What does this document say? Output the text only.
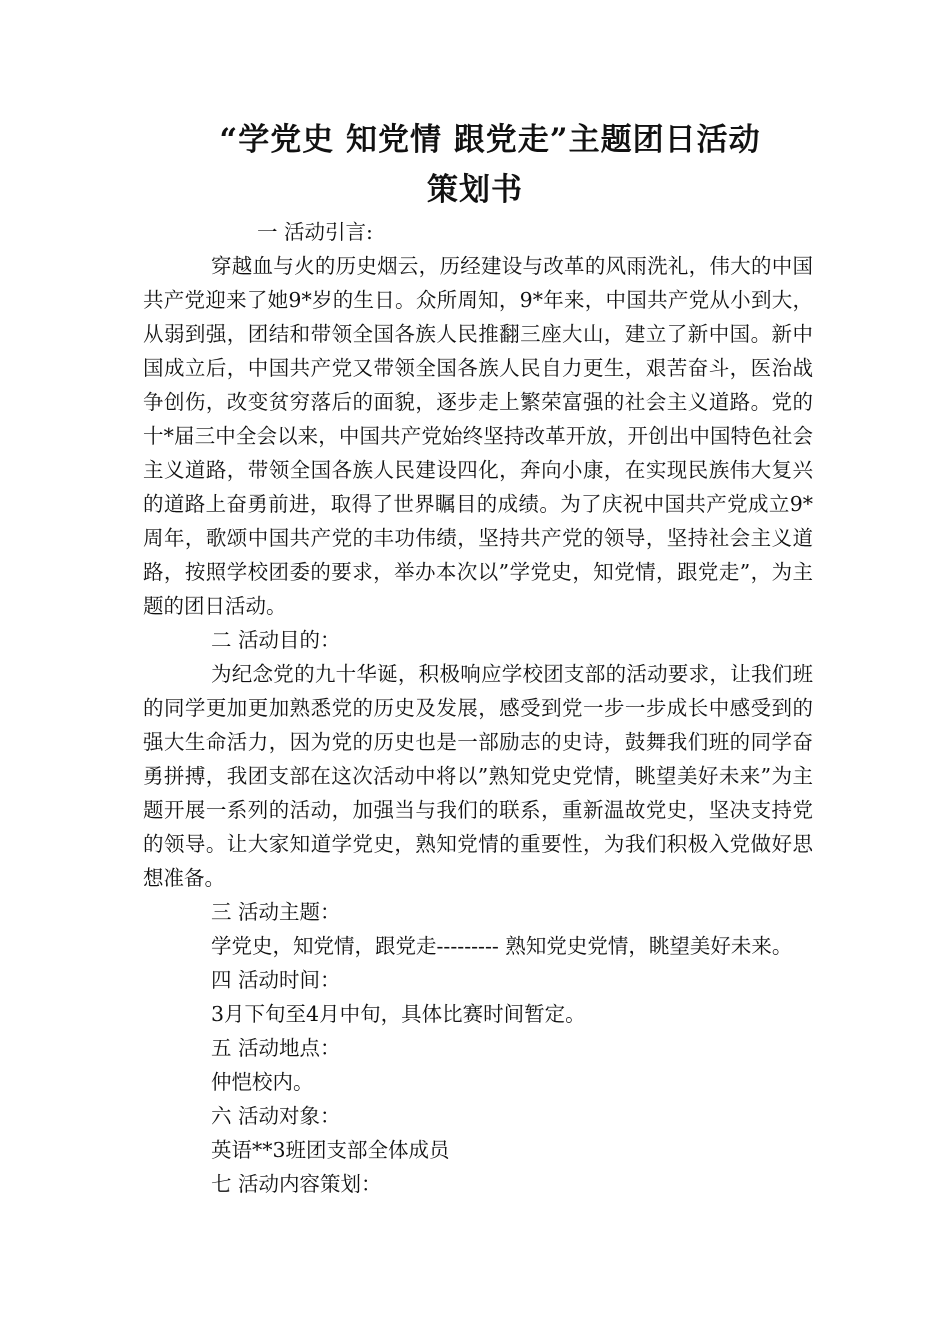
“学党史 知党情 跟党走”主题团日活动
策划书

一 活动引言:

穿越血与火的历史烟云，历经建设与改革的风雨洗礼，伟大的中国共产党迎来了她9*岁的生日。众所周知，9*年来，中国共产党从小到大，从弱到强，团结和带领全国各族人民推翻三座大山，建立了新中国。新中国成立后，中国共产党又带领全国各族人民自力更生，艰苦奋斗，医治战争创伤，改变贫穷落后的面貌，逐步走上繁荣富强的社会主义道路。党的十*届三中全会以来，中国共产党始终坚持改革开放，开创出中国特色社会主义道路，带领全国各族人民建设四化，奔向小康，在实现民族伟大复兴的道路上奋勇前进，取得了世界瞩目的成绩。为了庆祝中国共产党成立9*周年，歌颂中国共产党的丰功伟绩，坚持共产党的领导，坚持社会主义道路，按照学校团委的要求，举办本次以”学党史，知党情，跟党走”，为主题的团日活动。

二 活动目的：

为纪念党的九十华诞，积极响应学校团支部的活动要求，让我们班的同学更加更加熟悉党的历史及发展，感受到党一步一步成长中感受到的强大生命活力，因为党的历史也是一部励志的史诗，鼓舞我们班的同学奋勇拼搏，我团支部在这次活动中将以”熟知党史党情，眺望美好未来”为主题开展一系列的活动，加强当与我们的联系，重新温故党史，坚决支持党的领导。让大家知道学党史，熟知党情的重要性，为我们积极入党做好思想准备。

三 活动主题：

学党史，知党情，跟党走--------- 熟知党史党情，眺望美好未来。

四 活动时间：

3月下旬至4月中旬，具体比赛时间暂定。

五 活动地点：

仲恺校内。

六 活动对象：

英语**3班团支部全体成员

七 活动内容策划：
